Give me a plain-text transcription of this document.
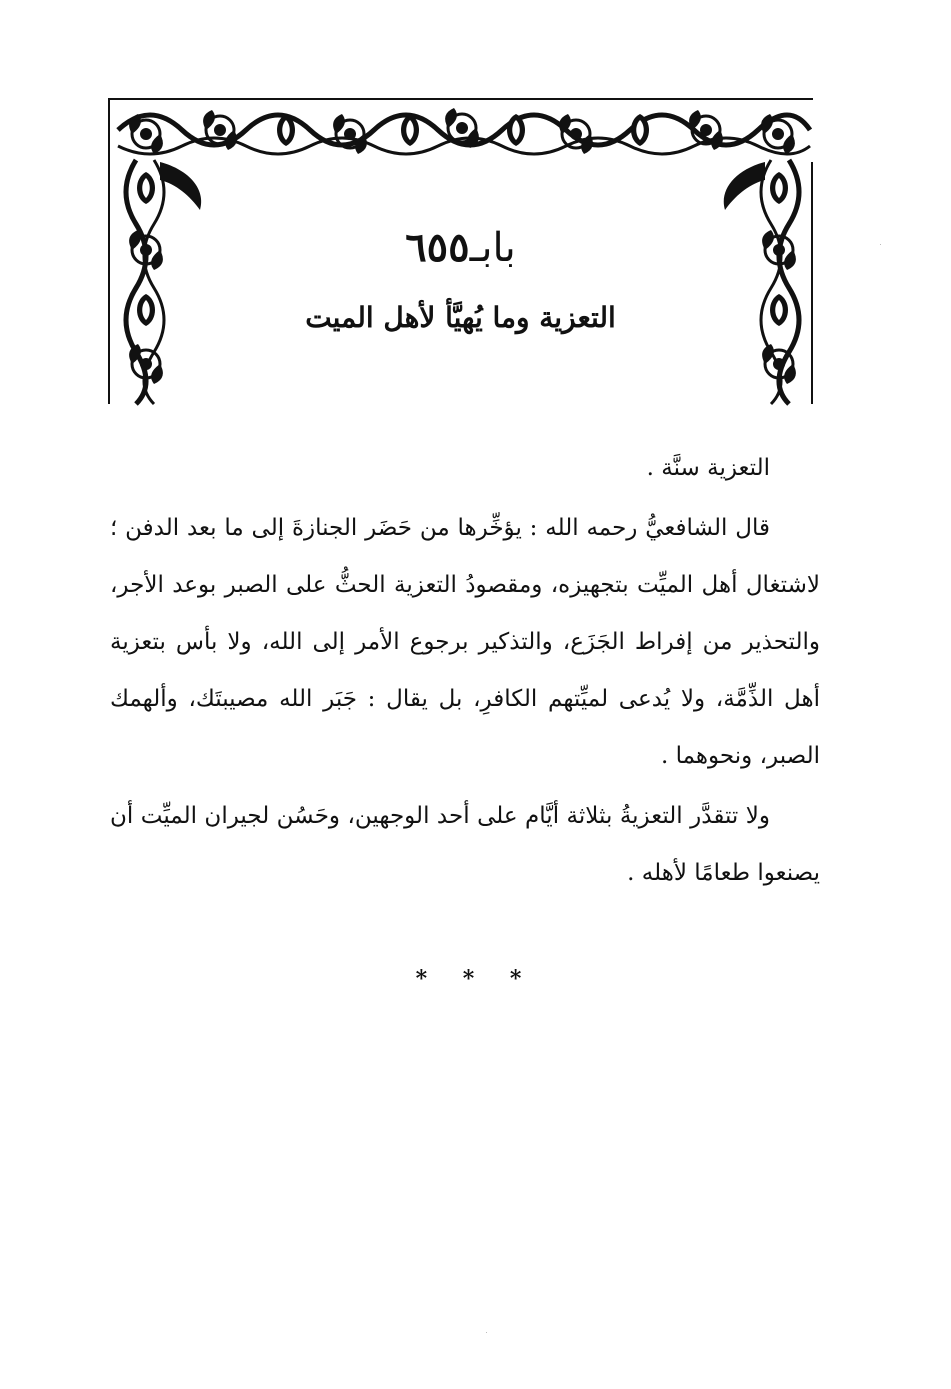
بابـ٦٥٥
التعزية وما يُهيَّأ لأهل الميت

التعزية سنَّة .

قال الشافعيُّ رحمه الله : يؤخِّرها من حَضَر الجنازةَ إلى ما بعد الدفن ؛ لاشتغال أهل الميِّت بتجهيزه، ومقصودُ التعزية الحثُّ على الصبر بوعد الأجر، والتحذير من إفراط الجَزَع، والتذكير برجوع الأمر إلى الله، ولا بأس بتعزية أهل الذِّمَّة، ولا يُدعى لميِّتهم الكافرِ، بل يقال : جَبَر الله مصيبتَك، وألهمك الصبر، ونحوهما .

ولا تتقدَّر التعزيةُ بثلاثة أيَّام على أحد الوجهين، وحَسُن لجيران الميِّت أن يصنعوا طعامًا لأهله .

* * *
